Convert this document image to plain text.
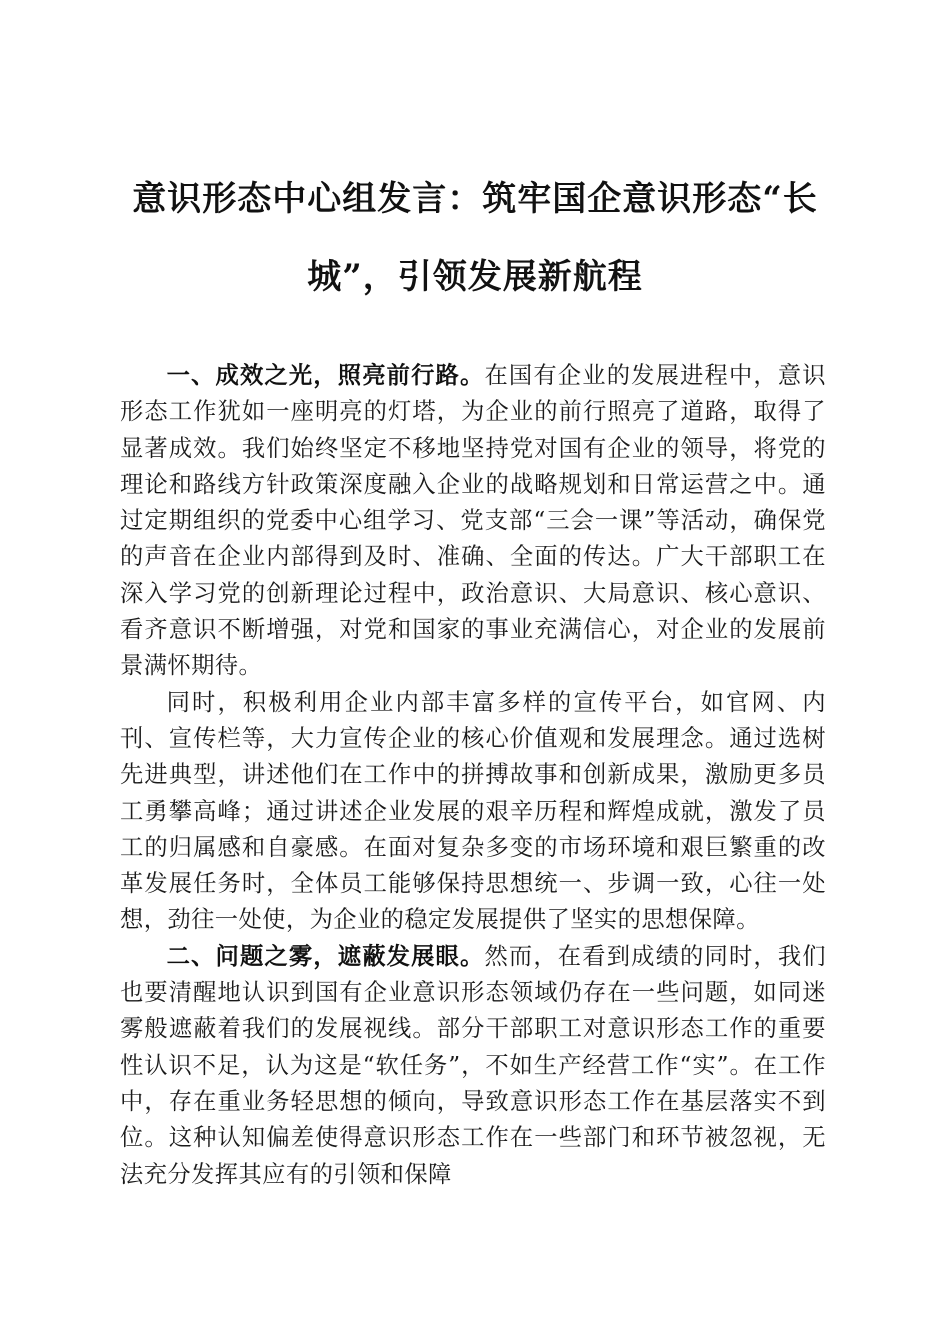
意识形态中心组发言：筑牢国企意识形态“长城”，引领发展新航程

一、成效之光，照亮前行路。在国有企业的发展进程中，意识形态工作犹如一座明亮的灯塔，为企业的前行照亮了道路，取得了显著成效。我们始终坚定不移地坚持党对国有企业的领导，将党的理论和路线方针政策深度融入企业的战略规划和日常运营之中。通过定期组织的党委中心组学习、党支部“三会一课”等活动，确保党的声音在企业内部得到及时、准确、全面的传达。广大干部职工在深入学习党的创新理论过程中，政治意识、大局意识、核心意识、看齐意识不断增强，对党和国家的事业充满信心，对企业的发展前景满怀期待。

同时，积极利用企业内部丰富多样的宣传平台，如官网、内刊、宣传栏等，大力宣传企业的核心价值观和发展理念。通过选树先进典型，讲述他们在工作中的拼搏故事和创新成果，激励更多员工勇攀高峰；通过讲述企业发展的艰辛历程和辉煌成就，激发了员工的归属感和自豪感。在面对复杂多变的市场环境和艰巨繁重的改革发展任务时，全体员工能够保持思想统一、步调一致，心往一处想，劲往一处使，为企业的稳定发展提供了坚实的思想保障。

二、问题之雾，遮蔽发展眼。然而，在看到成绩的同时，我们也要清醒地认识到国有企业意识形态领域仍存在一些问题，如同迷雾般遮蔽着我们的发展视线。部分干部职工对意识形态工作的重要性认识不足，认为这是“软任务”，不如生产经营工作“实”。在工作中，存在重业务轻思想的倾向，导致意识形态工作在基层落实不到位。这种认知偏差使得意识形态工作在一些部门和环节被忽视，无法充分发挥其应有的引领和保障
